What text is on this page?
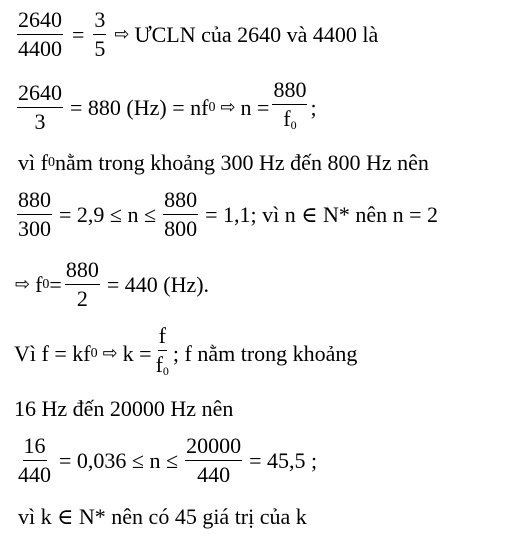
$\frac{2640}{4400} = \frac{3}{5}$ ⇨ ƯCLN của 2640 và 4400 là
$\frac{2640}{3} = 880$ (Hz) = nf 0 ⇨ $n = \frac{880}{f_0}$ ;
vì f 0 nằm trong khoảng 300 Hz đến 800 Hz nên
$\frac{880}{300} = 2,9 \le n \le \frac{880}{800} = 1,1$; vì n ∈ N* nên n = 2
⇨ f $0 = \frac{880}{2} = 440$ (Hz).
Vì f = kf 0 ⇨ $k = \frac{f}{f_0}$ ; f nằm trong khoảng
16 Hz đến 20000 Hz nên
$\frac{16}{440} = 0,036 \le n \le \frac{20000}{440} = 45,5$ ;
vì k ∈ N* nên có 45 giá trị của k
